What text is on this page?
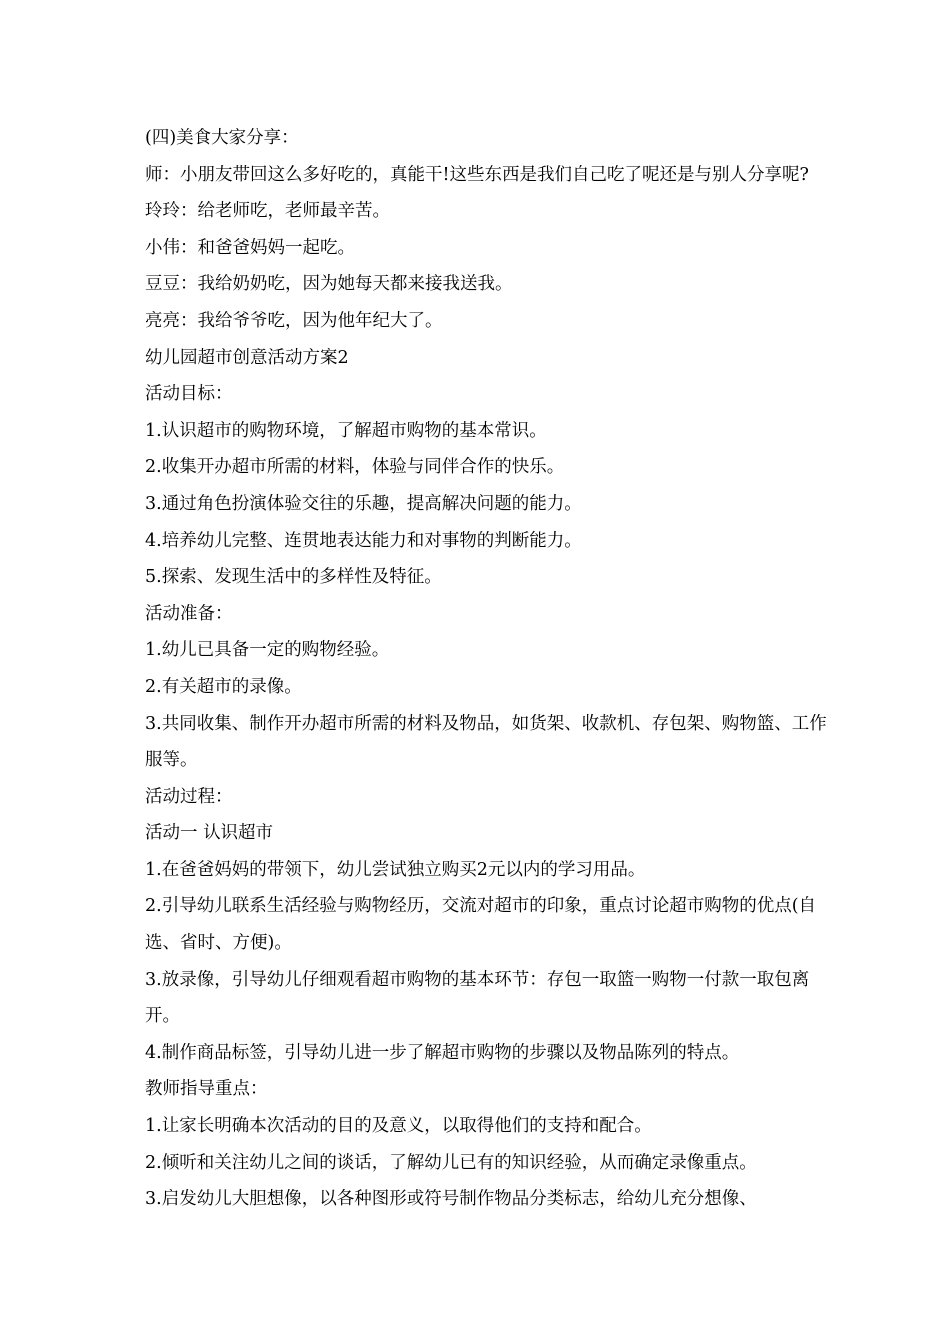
(四)美食大家分享：

师：小朋友带回这么多好吃的，真能干!这些东西是我们自己吃了呢还是与别人分享呢?

玲玲：给老师吃，老师最辛苦。

小伟：和爸爸妈妈一起吃。

豆豆：我给奶奶吃，因为她每天都来接我送我。

亮亮：我给爷爷吃，因为他年纪大了。

幼儿园超市创意活动方案2

活动目标：

1.认识超市的购物环境，了解超市购物的基本常识。

2.收集开办超市所需的材料，体验与同伴合作的快乐。

3.通过角色扮演体验交往的乐趣，提高解决问题的能力。

4.培养幼儿完整、连贯地表达能力和对事物的判断能力。

5.探索、发现生活中的多样性及特征。

活动准备：

1.幼儿已具备一定的购物经验。

2.有关超市的录像。

3.共同收集、制作开办超市所需的材料及物品，如货架、收款机、存包架、购物篮、工作服等。

活动过程：

活动一 认识超市

1.在爸爸妈妈的带领下，幼儿尝试独立购买2元以内的学习用品。

2.引导幼儿联系生活经验与购物经历，交流对超市的印象，重点讨论超市购物的优点(自选、省时、方便)。

3.放录像，引导幼儿仔细观看超市购物的基本环节：存包一取篮一购物一付款一取包离开。

4.制作商品标签，引导幼儿进一步了解超市购物的步骤以及物品陈列的特点。

教师指导重点：

1.让家长明确本次活动的目的及意义，以取得他们的支持和配合。

2.倾听和关注幼儿之间的谈话，了解幼儿已有的知识经验，从而确定录像重点。

3.启发幼儿大胆想像，以各种图形或符号制作物品分类标志，给幼儿充分想像、
